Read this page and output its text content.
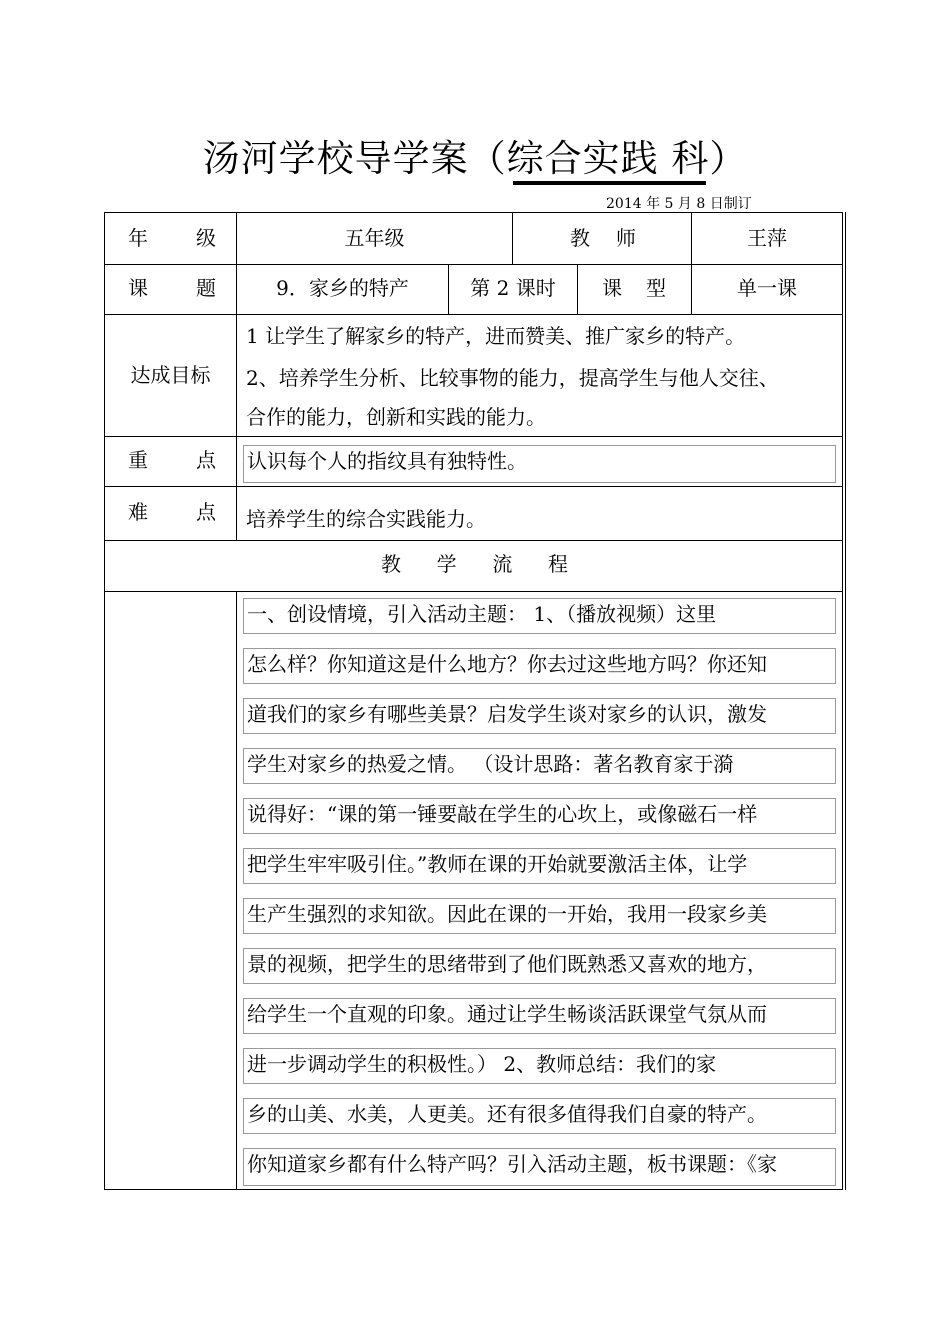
汤河学校导学案（综合实践 科）
2014 年 5 月 8 日制订
年 级	五年级	教 师	王萍
课 题	9．家乡的特产	第 2 课时	课 型	单一课
达成目标
1 让学生了解家乡的特产，进而赞美、推广家乡的特产。
2、培养学生分析、比较事物的能力，提高学生与他人交往、
合作的能力，创新和实践的能力。
重 点 认识每个人的指纹具有独特性。
难 点 培养学生的综合实践能力。
教 学 流 程
一、创设情境，引入活动主题： 1、（播放视频）这里
怎么样？你知道这是什么地方？你去过这些地方吗？你还知
道我们的家乡有哪些美景？启发学生谈对家乡的认识，激发
学生对家乡的热爱之情。 （设计思路：著名教育家于漪
说得好：“课的第一锤要敲在学生的心坎上，或像磁石一样
把学生牢牢吸引住。”教师在课的开始就要激活主体，让学
生产生强烈的求知欲。因此在课的一开始，我用一段家乡美
景的视频，把学生的思绪带到了他们既熟悉又喜欢的地方，
给学生一个直观的印象。通过让学生畅谈活跃课堂气氛从而
进一步调动学生的积极性。） 2、教师总结：我们的家
乡的山美、水美，人更美。还有很多值得我们自豪的特产。
你知道家乡都有什么特产吗？引入活动主题，板书课题：《家
